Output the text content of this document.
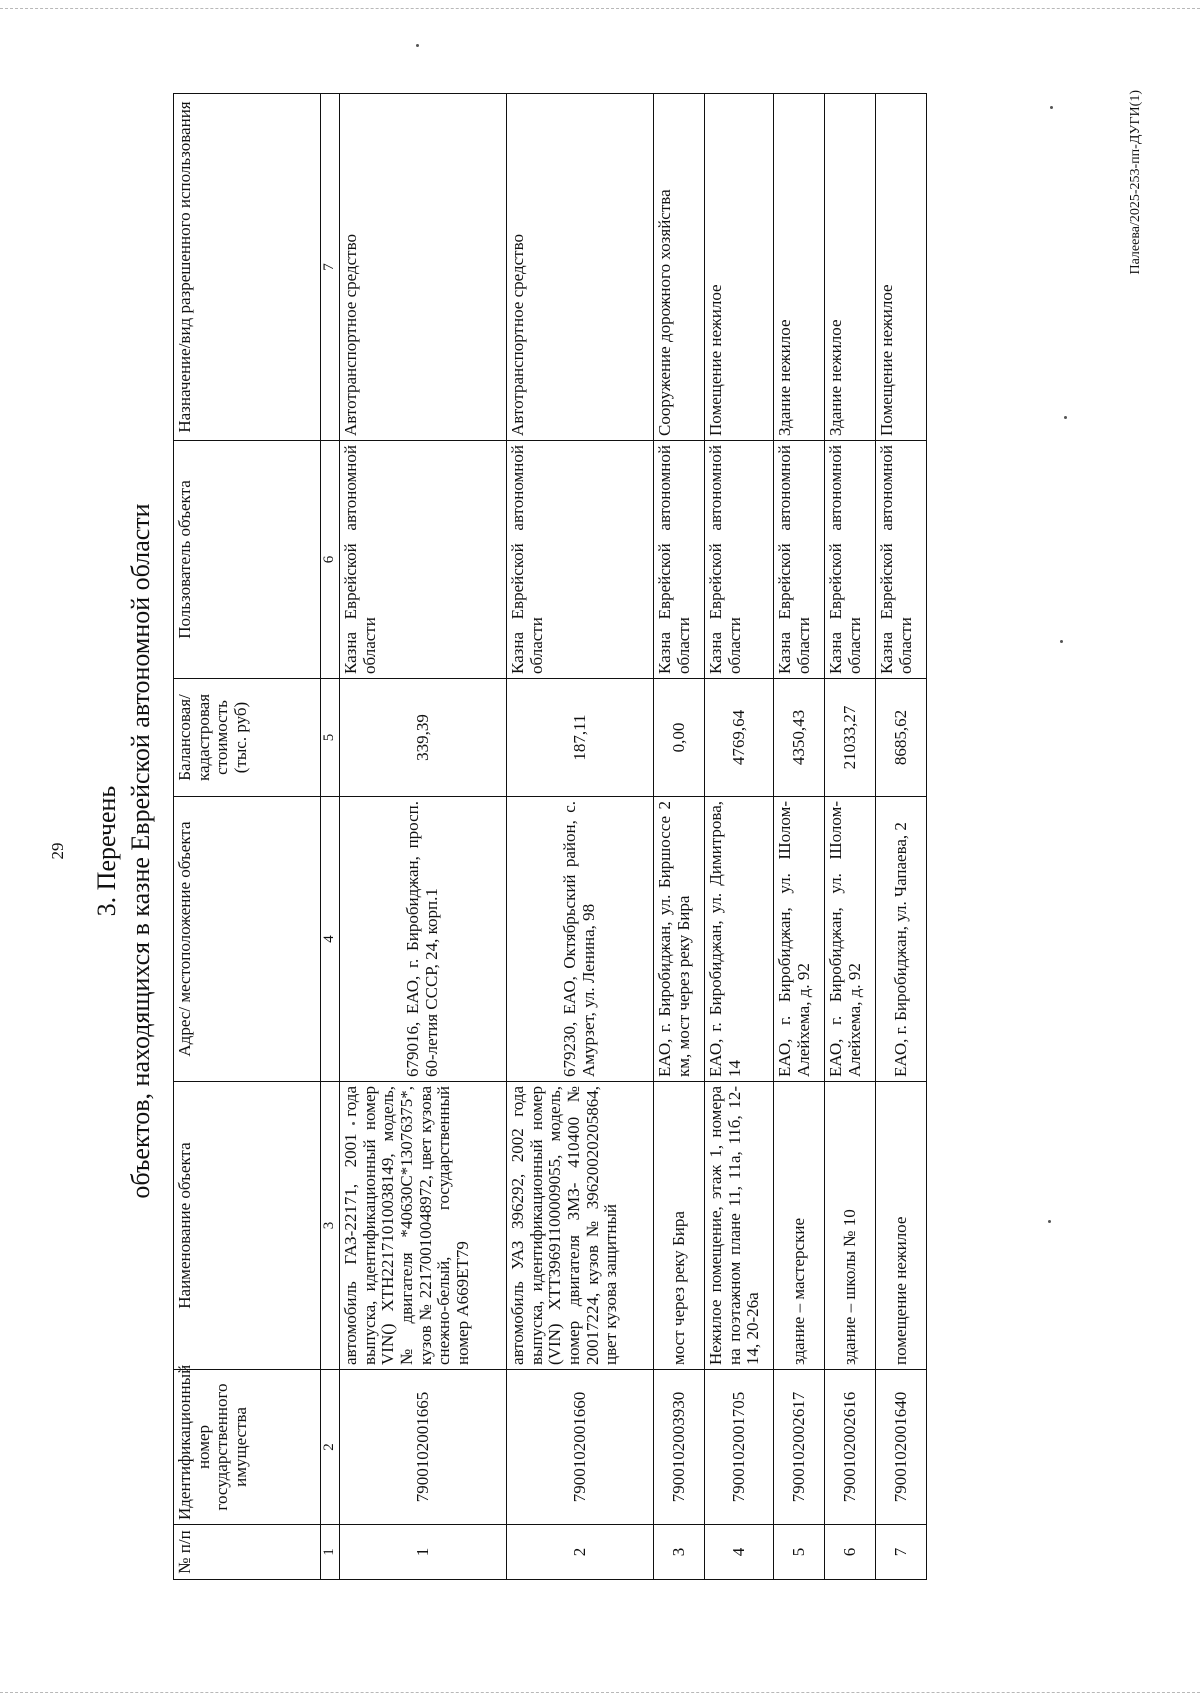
29 3. Перечень объектов, находящихся в казне Еврейской автономной области
№ п/п	Идентификационный номер государственного имущества	Наименование объекта	Адрес/ местоположение объекта	Балансовая/кадастровая стоимость (тыс. руб)	Пользователь объекта	Назначение/вид разрешенного использования
1	2	3	4	5	6	7
1	7900102001665	автомобиль ГАЗ-22171, 2001 года выпуска, идентификационный номер VIN() XTH22171010038149, модель, № двигателя *40630C*13076375*, кузов № 22170010048972, цвет кузова снежно-белый, государственный номер А669ЕТ79	679016, ЕАО, г. Биробиджан, просп. 60-летия СССР, 24, корп.1	339,39	Казна Еврейской автономной области	Автотранспортное средство
2	7900102001660	автомобиль УАЗ 396292, 2002 года выпуска, идентификационный номер (VIN) XTT39691100009055, модель, номер двигателя ЗМЗ- 410400 № 20017224, кузов № 39620020205864, цвет кузова защитный	679230, ЕАО, Октябрьский район, с. Амурзет, ул. Ленина, 98	187,11	Казна Еврейской автономной области	Автотранспортное средство
3	7900102003930	мост через реку Бира	ЕАО, г. Биробиджан, ул. Биршоссе 2 км, мост через реку Бира	0,00	Казна Еврейской автономной области	Сооружение дорожного хозяйства
4	7900102001705	Нежилое помещение, этаж 1, номера на поэтажном плане 11, 11а, 11б, 12-14, 20-26а	ЕАО, г. Биробиджан, ул. Димитрова, 14	4769,64	Казна Еврейской автономной области	Помещение нежилое
5	7900102002617	здание – мастерские	ЕАО, г. Биробиджан, ул. Шолом-Алейхема, д. 92	4350,43	Казна Еврейской автономной области	Здание нежилое
6	7900102002616	здание – школы № 10	ЕАО, г. Биробиджан, ул. Шолом-Алейхема, д. 92	21033,27	Казна Еврейской автономной области	Здание нежилое
7	7900102001640	помещение нежилое	ЕАО, г. Биробиджан, ул. Чапаева, 2	8685,62	Казна Еврейской автономной области	Помещение нежилое
Палеева/2025-253-пп-ДУГИ(1)
